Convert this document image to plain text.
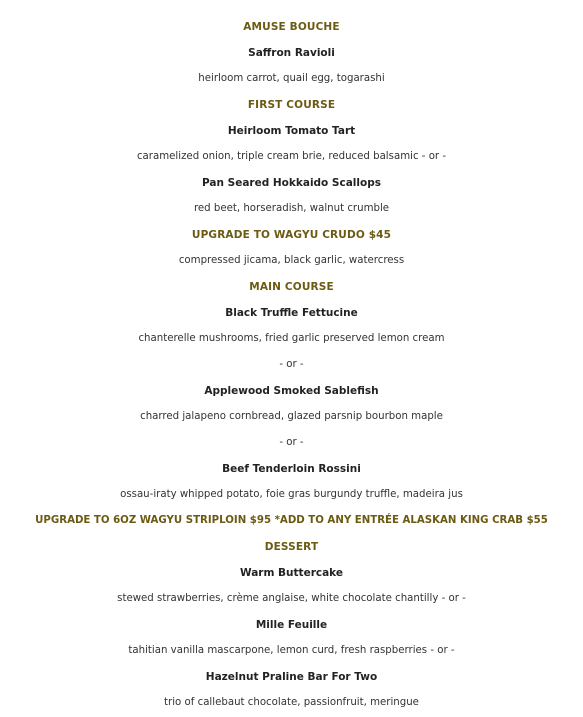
AMUSE BOUCHE
Saffron Ravioli
heirloom carrot, quail egg, togarashi
FIRST COURSE
Heirloom Tomato Tart
caramelized onion, triple cream brie, reduced balsamic - or -
Pan Seared Hokkaido Scallops
red beet, horseradish, walnut crumble
UPGRADE TO WAGYU CRUDO $45
compressed jicama, black garlic, watercress
MAIN COURSE
Black Truffle Fettucine
chanterelle mushrooms, fried garlic preserved lemon cream
- or -
Applewood Smoked Sablefish
charred jalapeno cornbread, glazed parsnip bourbon maple
- or -
Beef Tenderloin Rossini
ossau-iraty whipped potato, foie gras burgundy truffle, madeira jus
UPGRADE TO 6OZ WAGYU STRIPLOIN $95 *ADD TO ANY ENTRÉE ALASKAN KING CRAB $55
DESSERT
Warm Buttercake
stewed strawberries, crème anglaise, white chocolate chantilly - or -
Mille Feuille
tahitian vanilla mascarpone, lemon curd, fresh raspberries - or -
Hazelnut Praline Bar For Two
trio of callebaut chocolate, passionfruit, meringue
